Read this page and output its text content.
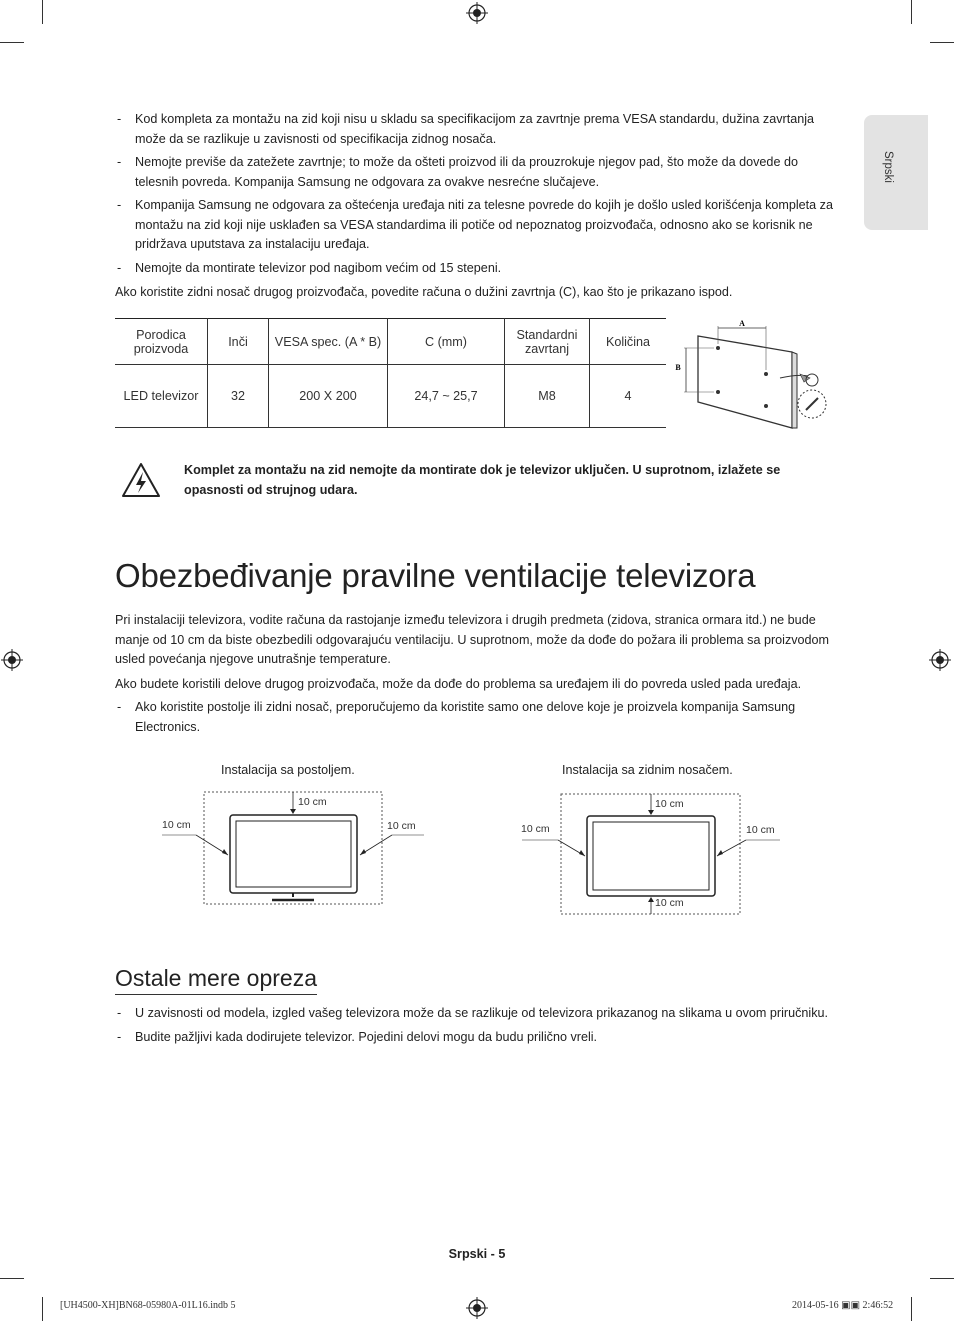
Srpski
- Kod kompleta za montažu na zid koji nisu u skladu sa specifikacijom za zavrtnje prema VESA standardu, dužina zavrtanja može da se razlikuje u zavisnosti od specifikacija zidnog nosača.
- Nemojte previše da zatežete zavrtnje; to može da ošteti proizvod ili da prouzrokuje njegov pad, što može da dovede do telesnih povreda. Kompanija Samsung ne odgovara za ovakve nesrećne slučajeve.
- Kompanija Samsung ne odgovara za oštećenja uređaja niti za telesne povrede do kojih je došlo usled korišćenja kompleta za montažu na zid koji nije usklađen sa VESA standardima ili potiče od nepoznatog proizvođača, odnosno ako se korisnik ne pridržava uputstava za instalaciju uređaja.
- Nemojte da montirate televizor pod nagibom većim od 15 stepeni.

Ako koristite zidni nosač drugog proizvođača, povedite računa o dužini zavrtnja (C), kao što je prikazano ispod.

Porodica proizvoda	Inči	VESA spec. (A * B)	C (mm)	Standardni zavrtanj	Količina
LED televizor	32	200 X 200	24,7 ~ 25,7	M8	4
A
B
Komplet za montažu na zid nemojte da montirate dok je televizor uključen. U suprotnom, izlažete se opasnosti od strujnog udara.
Obezbeđivanje pravilne ventilacije televizora

Pri instalaciji televizora, vodite računa da rastojanje između televizora i drugih predmeta (zidova, stranica ormara itd.) ne bude manje od 10 cm da biste obezbedili odgovarajuću ventilaciju. U suprotnom, može da dođe do požara ili problema sa proizvodom usled povećanja njegove unutrašnje temperature.

Ako budete koristili delove drugog proizvođača, može da dođe do problema sa uređajem ili do povreda usled pada uređaja.

- Ako koristite postolje ili zidni nosač, preporučujemo da koristite samo one delove koje je proizvela kompanija Samsung Electronics.
Instalacija sa postoljem.	Instalacija sa zidnim nosačem.
10 cm
10 cm	10 cm
10 cm
10 cm	10 cm
10 cm
Ostale mere opreza
- U zavisnosti od modela, izgled vašeg televizora može da se razlikuje od televizora prikazanog na slikama u ovom priručniku.
- Budite pažljivi kada dodirujete televizor. Pojedini delovi mogu da budu prilično vreli.
Srpski - 5
[UH4500-XH]BN68-05980A-01L16.indb 5	2014-05-16 ▣▣ 2:46:52
